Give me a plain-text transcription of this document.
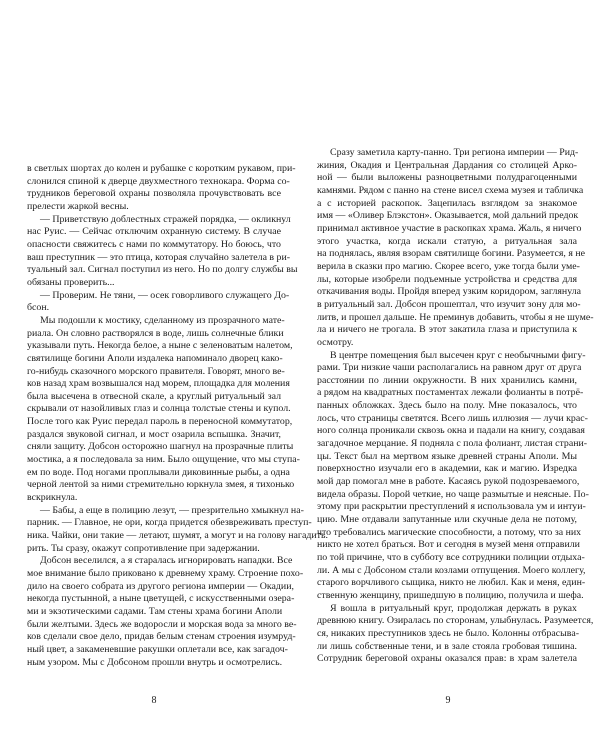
в светлых шортах до колен и рубашке с коротким рукавом, при-
слонился спиной к дверце двухместного технокара. Форма со-
трудников береговой охраны позволяла прочувствовать все
прелести жаркой весны.
— Приветствую доблестных стражей порядка, — окликнул
нас Руис. — Сейчас отключим охранную систему. В случае
опасности свяжитесь с нами по коммутатору. Но боюсь, что
ваш преступник — это птица, которая случайно залетела в ри-
туальный зал. Сигнал поступил из него. Но по долгу службы вы
обязаны проверить...
— Проверим. Не тяни, — осек говорливого служащего До-
бсон.
Мы подошли к мостику, сделанному из прозрачного мате-
риала. Он словно растворялся в воде, лишь солнечные блики
указывали путь. Некогда белое, а ныне с зеленоватым налетом,
святилище богини Аполи издалека напоминало дворец како-
го-нибудь сказочного морского правителя. Говорят, много ве-
ков назад храм возвышался над морем, площадка для моления
была высечена в отвесной скале, а круглый ритуальный зал
скрывали от назойливых глаз и солнца толстые стены и купол.
После того как Руис передал пароль в переносной коммутатор,
раздался звуковой сигнал, и мост озарила вспышка. Значит,
сняли защиту. Добсон осторожно шагнул на прозрачные плиты
мостика, а я последовала за ним. Было ощущение, что мы ступа-
ем по воде. Под ногами проплывали диковинные рыбы, а одна
черной лентой за ними стремительно юркнула змея, я тихонько
вскрикнула.
— Бабы, а еще в полицию лезут, — презрительно хмыкнул на-
парник. — Главное, не ори, когда придется обезвреживать преступ-
ника. Чайки, они такие — летают, шумят, а могут и на голову нагадить.
рить. Ты сразу, окажут сопротивление при задержании.
Добсон веселился, а я старалась игнорировать нападки. Все
мое внимание было приковано к древнему храму. Строение похо-
дило на своего собрата из другого региона империи — Окадии,
некогда пустынной, а ныне цветущей, с искусственными озера-
ми и экзотическими садами. Там стены храма богини Аполи
были желтыми. Здесь же водоросли и морская вода за много ве-
ков сделали свое дело, придав белым стенам строения изумруд-
ный цвет, а закаменевшие ракушки оплетали все, как загадоч-
ным узором. Мы с Добсоном прошли внутрь и осмотрелись.
8
Сразу заметила карту-панно. Три региона империи — Рид-
жиния, Окадия и Центральная Дардания со столицей Арко-
ной — были выложены разноцветными полудрагоценными
камнями. Рядом с панно на стене висел схема музея и табличка
а с историей раскопок. Зацепилась взглядом за знакомое
имя — «Оливер Блэкстон». Оказывается, мой дальний предок
принимал активное участие в раскопках храма. Жаль, я ничего
этого участка, когда искали статую, а ритуальная зала
на поднялась, являя взорам святилище богини. Разумеется, я не
верила в сказки про магию. Скорее всего, уже тогда были уме-
лы, которые изобрели подъемные устройства и средства для
откачивания воды. Пройдя вперед узким коридором, заглянула
в ритуальный зал. Добсон прошептал, что изучит зону для мо-
литв, и прошел дальше. Не преминув добавить, чтобы я не шуме-
ла и ничего не трогала. В этот закатила глаза и приступила к
осмотру.
В центре помещения был высечен круг с необычными фигу-
рами. Три низкие чаши располагались на равном друг от друга
расстоянии по линии окружности. В них хранились камни,
а рядом на квадратных постаментах лежали фолианты в потрё-
панных обложках. Здесь было на полу. Мне показалось, что
лось, что страницы светятся. Всего лишь иллюзия — лучи крас-
ного солнца проникали сквозь окна и падали на книгу, создавая
загадочное мерцание. Я подняла с пола фолиант, листая страни-
цы. Текст был на мертвом языке древней страны Аполи. Мы
поверхностно изучали его в академии, как и магию. Изредка
мой дар помогал мне в работе. Касаясь рукой подозреваемого,
видела образы. Порой четкие, но чаще размытые и неясные. По-
этому при раскрытии преступлений я использовала ум и интуи-
цию. Мне отдавали запутанные или скучные дела не потому,
что требовались магические способности, а потому, что за них
никто не хотел браться. Вот и сегодня в музей меня отправили
по той причине, что в субботу все сотрудники полиции отдыха-
ли. А мы с Добсоном стали козлами отпущения. Моего коллегу,
старого ворчливого сыщика, никто не любил. Как и меня, един-
ственную женщину, пришедшую в полицию, получила и шефа.
Я вошла в ритуальный круг, продолжая держать в руках
древнюю книгу. Озиралась по сторонам, улыбнулась. Разумеется,
ся, никаких преступников здесь не было. Колонны отбрасыва-
ли лишь собственные тени, и в зале стояла гробовая тишина.
Сотрудник береговой охраны оказался прав: в храм залетела
9
